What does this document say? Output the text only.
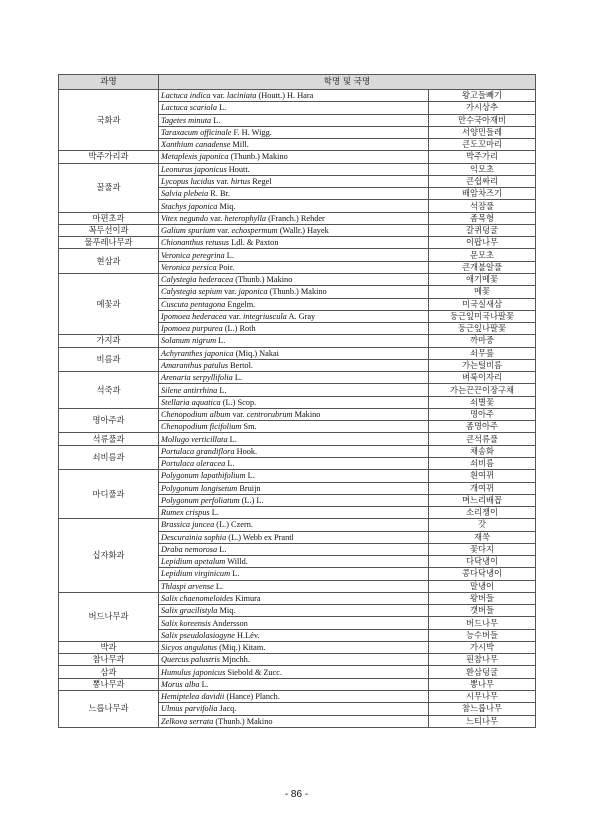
과명	학명 및 국명	
국화과	Lactuca indica var. laciniata (Houtt.) H. Hara	왕고들빼기
	Lactuca scariola L.	가시상추
	Tagetes minuta L.	만수국아재비
	Taraxacum officinale F. H. Wigg.	서양민들레
	Xanthium canadense Mill.	큰도꼬마리
박주가리과	Metaplexis japonica (Thunb.) Makino	박주가리
꿀풀과	Leonurus japonicus Houtt.	익모초
	Lycopus lucidus var. hirtus Regel	큰쉽싸리
	Salvia plebeia R. Br.	배암차즈기
	Stachys japonica Miq.	석잠풀
마편초과	Vitex negundo var. heterophylla (Franch.) Rehder	좀목형
꼭두선이과	Galium spurium var. echospermum (Wallr.) Hayek	갈퀴덩굴
물푸레나무과	Chionanthus retusus Ldl. & Paxton	이팝나무
현삼과	Veronica peregrina L.	문모초
	Veronica persica Poir.	큰개불알풀
메꽃과	Calystegia hederacea (Thunb.) Makino	애기메꽃
	Calystegia sepium var. japonica (Thunb.) Makino	메꽃
	Cuscuta pentagona Engelm.	미국실새삼
	Ipomoea hederacea var. integriuscula A. Gray	둥근잎미국나팔꽃
	Ipomoea purpurea (L.) Roth	둥근잎나팔꽃
가지과	Solanum nigrum L.	까마중
비름과	Achyranthes japonica (Miq.) Nakai	쇠무릎
	Amaranthus patulus Bertol.	가는털비름
석죽과	Arenaria serpyllifolia L.	벼룩이자리
	Silene antirrhina L.	가는끈끈이장구채
	Stellaria aquatica (L.) Scop.	쇠별꽃
명아주과	Chenopodium album var. centrorubrum Makino	명아주
	Chenopodium ficifolium Sm.	좀명아주
석류풀과	Mollugo verticillata L.	큰석류풀
쇠비름과	Portulaca grandiflora Hook.	채송화
	Portulaca oleracea L.	쇠비름
마디풀과	Polygonum lapathifolium L.	흰여뀌
	Polygonum longisetum Bruijn	개여뀌
	Polygonum perfoliatum (L.) L.	며느리배꼽
	Rumex crispus L.	소리쟁이
십자화과	Brassica juncea (L.) Czern.	갓
	Descurainia sophia (L.) Webb ex Prantl	재쑥
	Draba nemorosa L.	꽃다지
	Lepidium apetalum Willd.	다닥냉이
	Lepidium virginicum L.	콩다닥냉이
	Thlaspi arvense L.	말냉이
버드나무과	Salix chaenomeloides Kimura	왕버들
	Salix gracilistyla Miq.	갯버들
	Salix koreensis Andersson	버드나무
	Salix pseudolasiogyne H.Lév.	능수버들
박과	Sicyos angulatus (Miq.) Kitam.	가시박
참나무과	Quercus palustris Mјnchh.	핀참나무
삼과	Humulus japonicus Siebold & Zucc.	환삼덩굴
뽕나무과	Morus alba L.	뽕나무
느릅나무과	Hemiptelea davidii (Hance) Planch.	시무나무
	Ulmus parvifolia Jacq.	참느릅나무
	Zelkova serrata (Thunb.) Makino	느티나무
- 86 -
